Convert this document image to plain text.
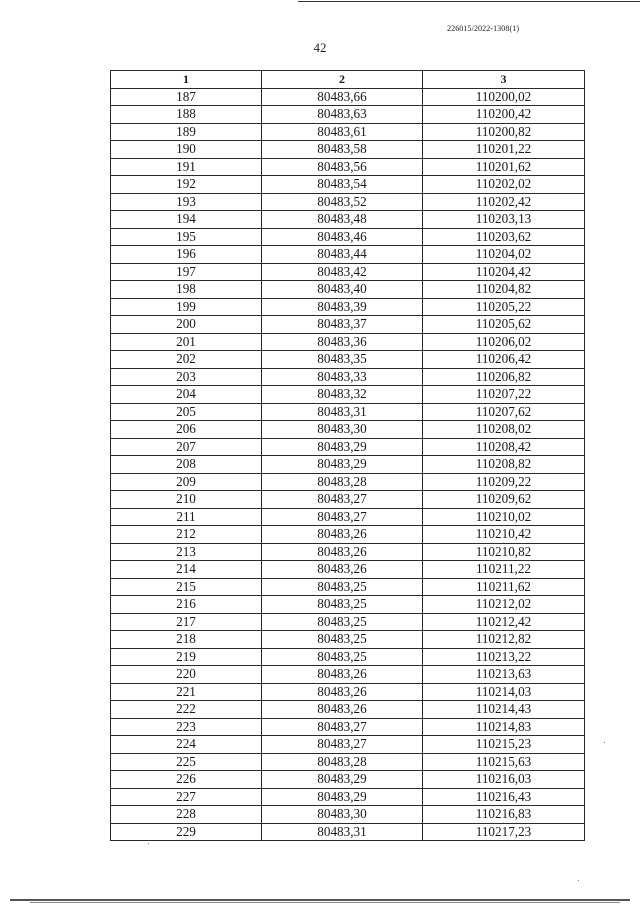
226015/2022-1308(1)
42
1	2	3
187	80483,66	110200,02
188	80483,63	110200,42
189	80483,61	110200,82
190	80483,58	110201,22
191	80483,56	110201,62
192	80483,54	110202,02
193	80483,52	110202,42
194	80483,48	110203,13
195	80483,46	110203,62
196	80483,44	110204,02
197	80483,42	110204,42
198	80483,40	110204,82
199	80483,39	110205,22
200	80483,37	110205,62
201	80483,36	110206,02
202	80483,35	110206,42
203	80483,33	110206,82
204	80483,32	110207,22
205	80483,31	110207,62
206	80483,30	110208,02
207	80483,29	110208,42
208	80483,29	110208,82
209	80483,28	110209,22
210	80483,27	110209,62
211	80483,27	110210,02
212	80483,26	110210,42
213	80483,26	110210,82
214	80483,26	110211,22
215	80483,25	110211,62
216	80483,25	110212,02
217	80483,25	110212,42
218	80483,25	110212,82
219	80483,25	110213,22
220	80483,26	110213,63
221	80483,26	110214,03
222	80483,26	110214,43
223	80483,27	110214,83
224	80483,27	110215,23
225	80483,28	110215,63
226	80483,29	110216,03
227	80483,29	110216,43
228	80483,30	110216,83
229	80483,31	110217,23
